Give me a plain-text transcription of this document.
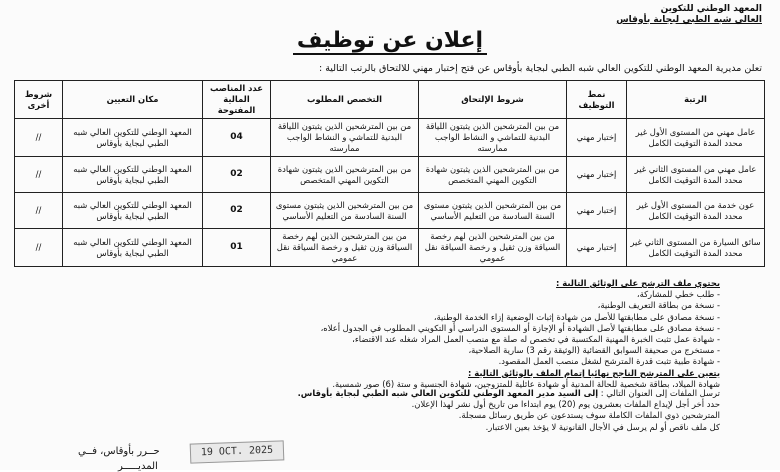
المعهد الوطني للتكوين
العالي شبه الطبي لبجاية بأوقاس
إعلان عن توظيف
تعلن مديرية المعهد الوطني للتكوين العالي شبه الطبي لبجاية بأوقاس عن فتح إختبار مهني للالتحاق بالرتب التالية :
الرتبة	نمط التوظيف	شروط الإلتحاق	التخصص المطلوب	عدد المناصب المالية المفتوحة	مكان التعيين	شروط أخرى
عامل مهني من المستوى الأول غير محدد المدة التوقيت الكامل	إختبار مهني	من بين المترشحين الذين يثبتون اللياقة البدنية للتماشي و النشاط الواجب ممارسته	من بين المترشحين الذين يثبتون اللياقة البدنية للتماشي و النشاط الواجب ممارسته	04	المعهد الوطني للتكوين العالي شبه الطبي لبجاية بأوقاس	//
عامل مهني من المستوى الثاني غير محدد المدة التوقيت الكامل	إختبار مهني	من بين المترشحين الذين يثبتون شهادة التكوين المهني المتخصص	من بين المترشحين الذين يثبتون شهادة التكوين المهني المتخصص	02	المعهد الوطني للتكوين العالي شبه الطبي لبجاية بأوقاس	//
عون خدمة من المستوى الأول غير محدد المدة التوقيت الكامل	إختبار مهني	من بين المترشحين الذين يثبتون مستوى السنة السادسة من التعليم الأساسي	من بين المترشحين الذين يثبتون مستوى السنة السادسة من التعليم الأساسي	02	المعهد الوطني للتكوين العالي شبه الطبي لبجاية بأوقاس	//
سائق السيارة من المستوى الثاني غير محدد المدة التوقيت الكامل	إختبار مهني	من بين المترشحين الذين لهم رخصة السياقة وزن ثقيل و رخصة السياقة نقل عمومي	من بين المترشحين الذين لهم رخصة السياقة وزن ثقيل و رخصة السياقة نقل عمومي	01	المعهد الوطني للتكوين العالي شبه الطبي لبجاية بأوقاس	//
يحتوي ملف الترشح على الوثائق التالية :
- طلب خطي للمشاركة،
- نسخة من بطاقة التعريف الوطنية،
- نسخة مصادق على مطابقتها للأصل من شهادة إثبات الوضعية إزاء الخدمة الوطنية،
- نسخة مصادق على مطابقتها لأصل الشهادة أو الإجازة أو المستوى الدراسي أو التكويني المطلوب في الجدول أعلاه،
- شهادة عمل تثبت الخبرة المهنية المكتسبة في تخصص له صلة مع منصب العمل المراد شغله عند الاقتضاء،
- مستخرج من صحيفة السوابق القضائية (الوثيقة رقم 3) سارية الصلاحية،
- شهادة طبية تثبت قدرة المترشح لشغل منصب العمل المقصود.
يتعين على المترشح الناجح نهائيا إتمام الملف بالوثائق التالية :
شهادة الميلاد، بطاقة شخصية للحالة المدنية أو شهادة عائلية للمتزوجين، شهادة الجنسية و ستة (6) صور شمسية.
ترسل الملفات إلى العنوان التالي : إلى السيد مدير المعهد الوطني للتكوين العالي شبه الطبي لبجاية بأوقاس.
حدد أخر أجل لإيداع الملفات بعشرون يوم (20) يوم ابتداءا من تاريخ أول نشر لهذا الإعلان.
المترشحين ذوي الملفات الكاملة سوف يستدعون عن طريق رسائل مسجلة.
كل ملف ناقص أو لم يرسل في الأجال القانونية لا يؤخذ بعين الاعتبار.
19 OCT. 2025
حــرر بأوقاس، فــي
المديـــــر
